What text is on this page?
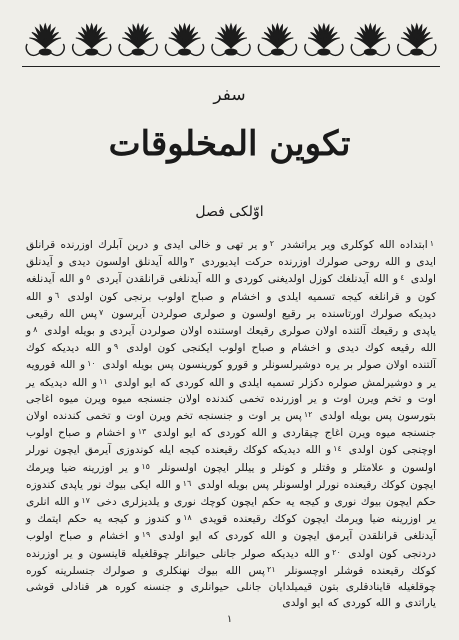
سفر
تكوين المخلوقات
اوّلكى فصل
١ابتداده الله كوكلرى وير يراتشدر ٢و ير تهى و خالى ايدى و درين آبلرك اوزرنده قرانلق ايدى و الله روحى صولرك اوزرنده حركت ايديوردى ٣والله آيدنلق اولسون ديدى و آيدنلق اولدى ٤و الله آيدنلغك كوزل اولديغنى كوردى و الله آيدنلغى قرانلقدن آيردى ٥و الله آيدنلغه كون و قرانلغه كيجه تسميه ايلدى و اخشام و صباح اولوب برنجى كون اولدى ٦و الله ديديكه صولرك اورتاسنده بر رقيع اولسون و صولرى صولردن آيرسون ٧پس الله رقيعى ياپدى و رقيعك آلتنده اولان صولرى رقيعك اوستنده اولان صولردن آيردى و بويله اولدى ٨و الله رقيعه كوك ديدى و اخشام و صباح اولوب ايكنجى كون اولدى ٩و الله ديديكه كوك آلتنده اولان صولر بر يره دوشيرلسونلر و قورو كورينسون پس بويله اولدى ١٠و الله قورويه ير و دوشيرلمش صولره دكزلر تسميه ايلدى و الله كوردى كه ايو اولدى ١١و الله ديديكه ير اوت و تخم ويرن اوت و ير اوزرنده تخمى كندنده اولان جنسنجه ميوه ويرن ميوه اغاجى بتورسون پس بويله اولدى ١٢پس ير اوت و جنسنجه تخم ويرن اوت و تخمى كندنده اولان جنسنجه ميوه ويرن اغاج چيقاردى و الله كوردى كه ايو اولدى ١٣و اخشام و صباح اولوب اوچنجى كون اولدى ١٤و الله ديديكه كوكك رقيعنده كيجه ايله كوندوزى آيرمق ايچون نورلر اولسون و علامتلر و وقتلر و كونلر و ييللر ايچون اولسونلر ١٥و ير اوزرينه ضيا ويرمك ايچون كوكك رقيعنده نورلر اولسونلر پس بويله اولدى ١٦و الله ايكى بيوك نور ياپدى كندوزه حكم ايچون بيوك نورى و كيجه يه حكم ايچون كوچك نورى و يلديزلرى دخى ١٧و الله انلرى ير اوزرينه ضيا ويرمك ايچون كوكك رقيعنده قويدى ١٨و كندوز و كيجه يه حكم ايتمك و آيدنلغى قرانلقدن آيرمق ايچون و الله كوردى كه ايو اولدى ١٩و اخشام و صباح اولوب دردنجى كون اولدى ٢٠و الله ديديكه صولر جانلى حيوانلر چوقلغيله قاينسون و ير اوزرنده كوكك رقيعنده قوشلر اوچسونلر ٢١پس الله بيوك نهنكلرى و صولرك جنسلرينه كوره چوقلغيله قاينادقلرى بتون قيميلدايان جانلى حيوانلرى و جنسنه كوره هر قنادلى قوشى ياراتدى و الله كوردى كه ايو اولدى
١
